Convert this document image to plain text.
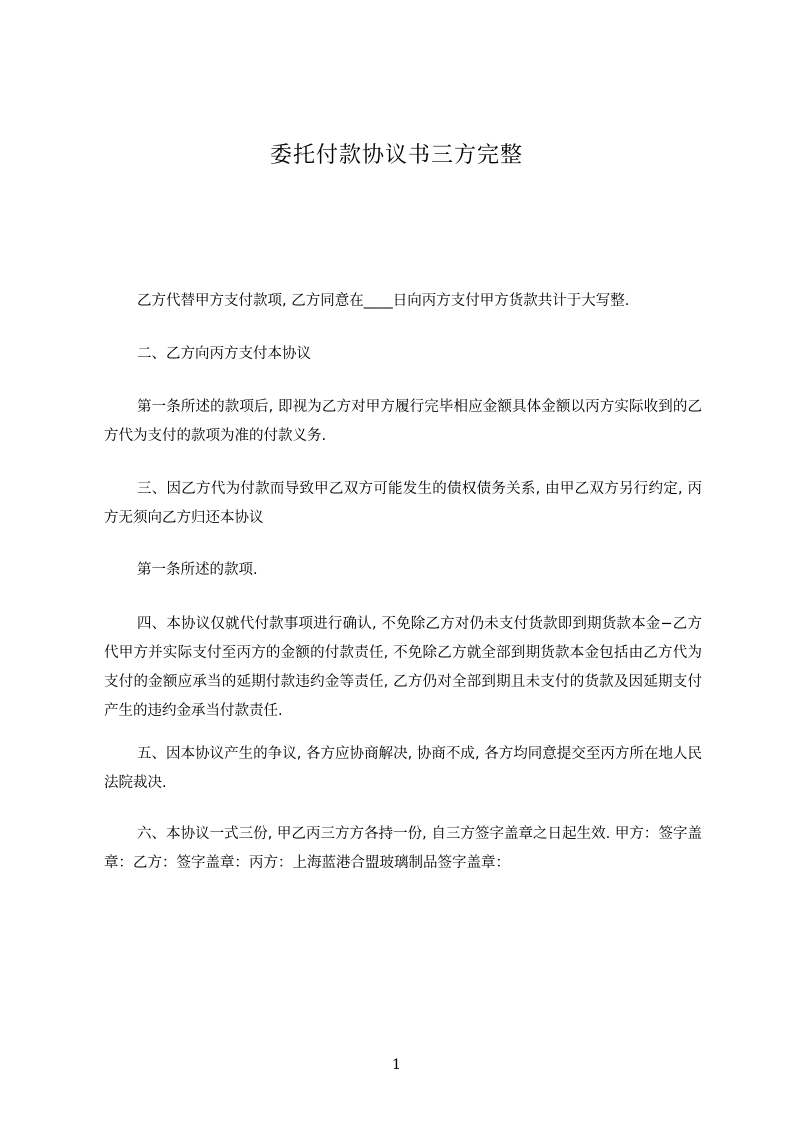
委托付款协议书三方完整

乙方代替甲方支付款项, 乙方同意在____日向丙方支付甲方货款共计于大写整.

二、乙方向丙方支付本协议

第一条所述的款项后, 即视为乙方对甲方履行完毕相应金额具体金额以丙方实际收到的乙方代为支付的款项为准的付款义务.

三、因乙方代为付款而导致甲乙双方可能发生的债权债务关系, 由甲乙双方另行约定, 丙方无须向乙方归还本协议

第一条所述的款项.

四、本协议仅就代付款事项进行确认, 不免除乙方对仍未支付货款即到期货款本金−乙方代甲方并实际支付至丙方的金额的付款责任, 不免除乙方就全部到期货款本金包括由乙方代为支付的金额应承当的延期付款违约金等责任, 乙方仍对全部到期且未支付的货款及因延期支付产生的违约金承当付款责任.

五、因本协议产生的争议, 各方应协商解决, 协商不成, 各方均同意提交至丙方所在地人民法院裁决.

六、本协议一式三份, 甲乙丙三方方各持一份, 自三方签字盖章之日起生效. 甲方：签字盖章：乙方：签字盖章：丙方：上海蓝港合盟玻璃制品签字盖章：

1
